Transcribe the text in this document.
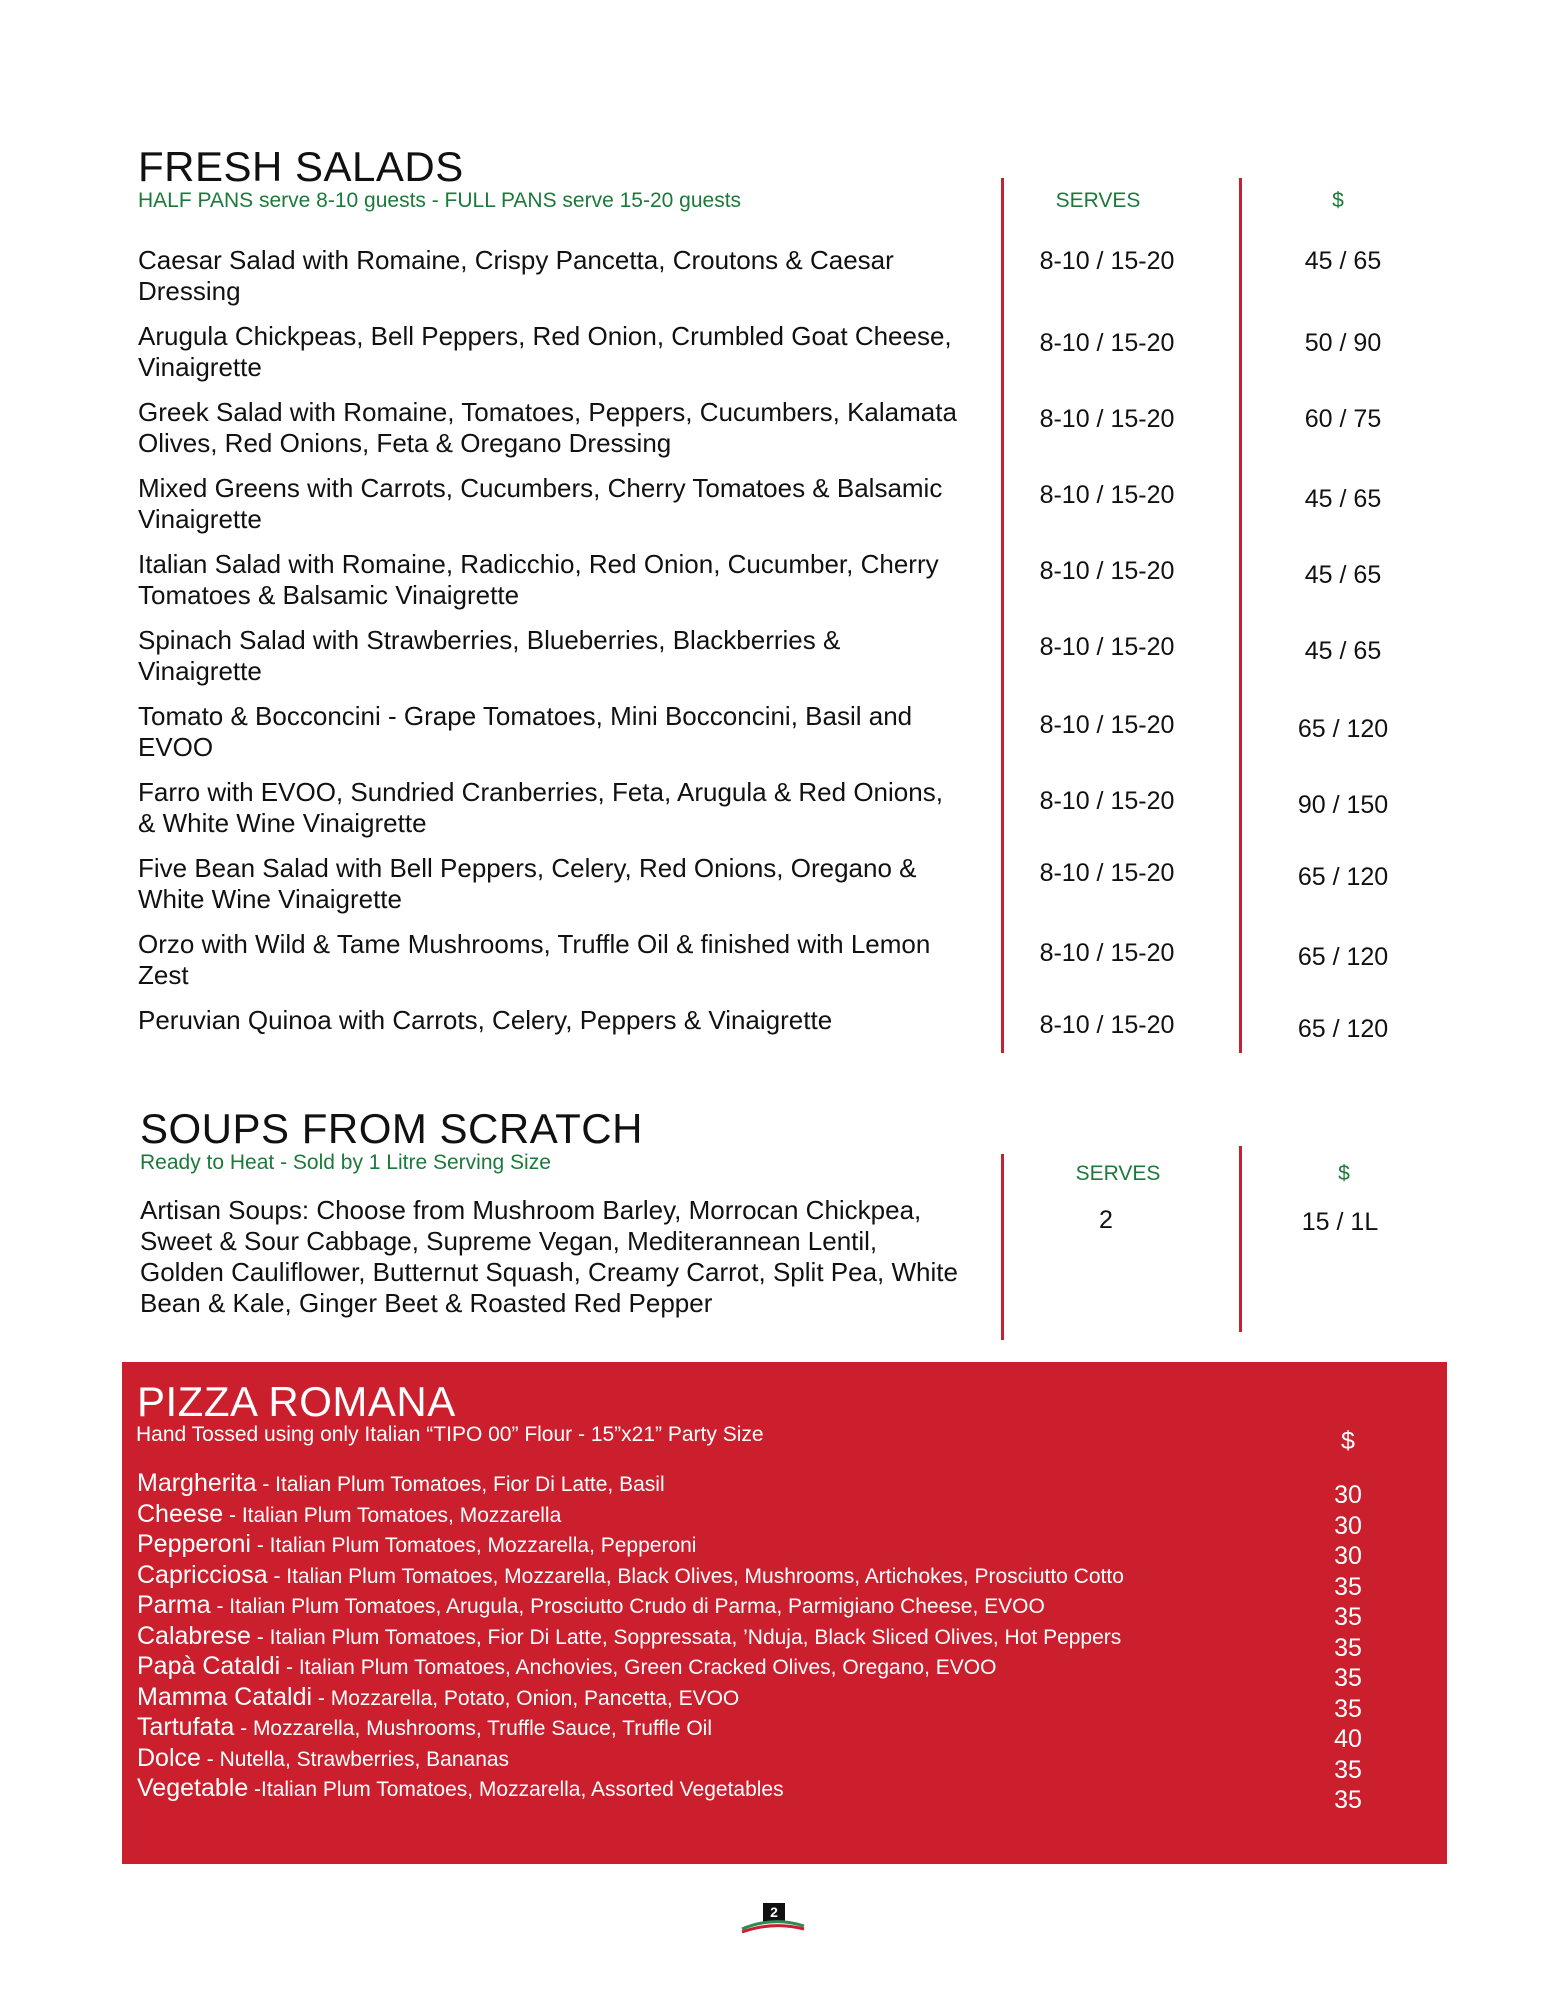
FRESH SALADS
HALF PANS serve 8-10 guests - FULL PANS serve 15-20 guests	SERVES	$
Caesar Salad with Romaine, Crispy Pancetta, Croutons & Caesar Dressing
8-10 / 15-20	45 / 65
Arugula Chickpeas, Bell Peppers, Red Onion, Crumbled Goat Cheese, Vinaigrette
8-10 / 15-20	50 / 90
Greek Salad with Romaine, Tomatoes, Peppers, Cucumbers, Kalamata Olives, Red Onions, Feta & Oregano Dressing
8-10 / 15-20	60 / 75
Mixed Greens with Carrots, Cucumbers, Cherry Tomatoes & Balsamic Vinaigrette
8-10 / 15-20	45 / 65
Italian Salad with Romaine, Radicchio, Red Onion, Cucumber, Cherry Tomatoes & Balsamic Vinaigrette
8-10 / 15-20	45 / 65
Spinach Salad with Strawberries, Blueberries, Blackberries & Vinaigrette
8-10 / 15-20	45 / 65
Tomato & Bocconcini - Grape Tomatoes, Mini Bocconcini, Basil and EVOO
8-10 / 15-20	65 / 120
Farro with EVOO, Sundried Cranberries, Feta, Arugula & Red Onions, & White Wine Vinaigrette
8-10 / 15-20	90 / 150
Five Bean Salad with Bell Peppers, Celery, Red Onions, Oregano & White Wine Vinaigrette
8-10 / 15-20	65 / 120
Orzo with Wild & Tame Mushrooms, Truffle Oil & finished with Lemon Zest
8-10 / 15-20	65 / 120
Peruvian Quinoa with Carrots, Celery, Peppers & Vinaigrette	8-10 / 15-20	65 / 120
SOUPS FROM SCRATCH
Ready to Heat - Sold by 1 Litre Serving Size	SERVES	$
Artisan Soups: Choose from Mushroom Barley, Morrocan Chickpea, Sweet & Sour Cabbage, Supreme Vegan, Mediterannean Lentil, Golden Cauliflower, Butternut Squash, Creamy Carrot, Split Pea, White Bean & Kale, Ginger Beet & Roasted Red Pepper
2	15 / 1L
PIZZA ROMANA
Hand Tossed using only Italian “TIPO 00” Flour - 15”x21” Party Size	$
Margherita - Italian Plum Tomatoes, Fior Di Latte, Basil	30
Cheese - Italian Plum Tomatoes, Mozzarella	30
Pepperoni - Italian Plum Tomatoes, Mozzarella, Pepperoni	30
Capricciosa - Italian Plum Tomatoes, Mozzarella, Black Olives, Mushrooms, Artichokes, Prosciutto Cotto	35
Parma - Italian Plum Tomatoes, Arugula, Prosciutto Crudo di Parma, Parmigiano Cheese, EVOO	35
Calabrese - Italian Plum Tomatoes, Fior Di Latte, Soppressata, ’Nduja, Black Sliced Olives, Hot Peppers	35
Papà Cataldi - Italian Plum Tomatoes, Anchovies, Green Cracked Olives, Oregano, EVOO	35
Mamma Cataldi - Mozzarella, Potato, Onion, Pancetta, EVOO	35
Tartufata - Mozzarella, Mushrooms, Truffle Sauce, Truffle Oil	40
Dolce - Nutella, Strawberries, Bananas	35
Vegetable -Italian Plum Tomatoes, Mozzarella, Assorted Vegetables	35
2
